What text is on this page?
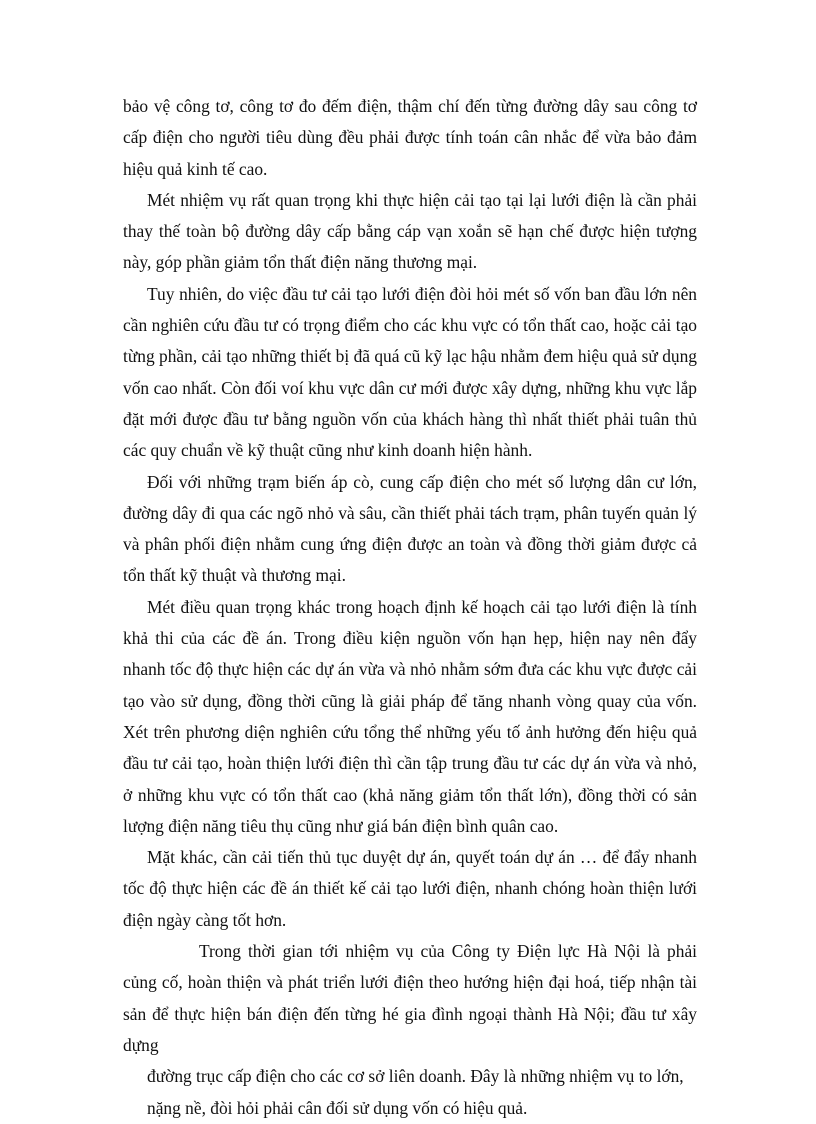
bảo vệ công tơ, công tơ đo đếm điện, thậm chí đến từng đường dây sau công tơ cấp điện cho người tiêu dùng đều phải được tính toán cân nhắc để vừa bảo đảm hiệu quả kinh tế cao.

Mét nhiệm vụ rất quan trọng khi thực hiện cải tạo tại lại lưới điện là cần phải thay thế toàn bộ đường dây cấp bằng cáp vạn xoắn sẽ hạn chế được hiện tượng này, góp phần giảm tổn thất điện năng thương mại.

Tuy nhiên, do việc đầu tư cải tạo lưới điện đòi hỏi mét số vốn ban đầu lớn nên cần nghiên cứu đầu tư có trọng điểm cho các khu vực có tổn thất cao, hoặc cải tạo từng phần, cải tạo những thiết bị đã quá cũ kỹ lạc hậu nhằm đem hiệu quả sử dụng vốn cao nhất. Còn đối voí khu vực dân cư mới được xây dựng, những khu vực lắp đặt mới được đầu tư bằng nguồn vốn của khách hàng thì nhất thiết phải tuân thủ các quy chuẩn về kỹ thuật cũng như kinh doanh hiện hành.

Đối với những trạm biến áp cò, cung cấp điện cho mét số lượng dân cư lớn, đường dây đi qua các ngõ nhỏ và sâu, cần thiết phải tách trạm, phân tuyến quản lý và phân phối điện nhằm cung ứng điện được an toàn và đồng thời giảm được cả tổn thất kỹ thuật và thương mại.

Mét điều quan trọng khác trong hoạch định kế hoạch cải tạo lưới điện là tính khả thi của các đề án. Trong điều kiện nguồn vốn hạn hẹp, hiện nay nên đẩy nhanh tốc độ thực hiện các dự án vừa và nhỏ nhằm sớm đưa các khu vực được cải tạo vào sử dụng, đồng thời cũng là giải pháp để tăng nhanh vòng quay của vốn. Xét trên phương diện nghiên cứu tổng thể những yếu tố ảnh hưởng đến hiệu quả đầu tư cải tạo, hoàn thiện lưới điện thì cần tập trung đầu tư các dự án vừa và nhỏ, ở những khu vực có tổn thất cao (khả năng giảm tổn thất lớn), đồng thời có sản lượng điện năng tiêu thụ cũng như giá bán điện bình quân cao.

Mặt khác, cần cải tiến thủ tục duyệt dự án, quyết toán dự án … để đẩy nhanh tốc độ thực hiện các đề án thiết kế cải tạo lưới điện, nhanh chóng hoàn thiện lưới điện ngày càng tốt hơn.

Trong thời gian tới nhiệm vụ của Công ty Điện lực Hà Nội là phải củng cố, hoàn thiện và phát triển lưới điện theo hướng hiện đại hoá, tiếp nhận tài sản để thực hiện bán điện đến từng hé gia đình ngoại thành Hà Nội; đầu tư xây dựng

đường trục cấp điện cho các cơ sở liên doanh. Đây là những nhiệm vụ to lớn, nặng nề, đòi hỏi phải cân đối sử dụng vốn có hiệu quả.
